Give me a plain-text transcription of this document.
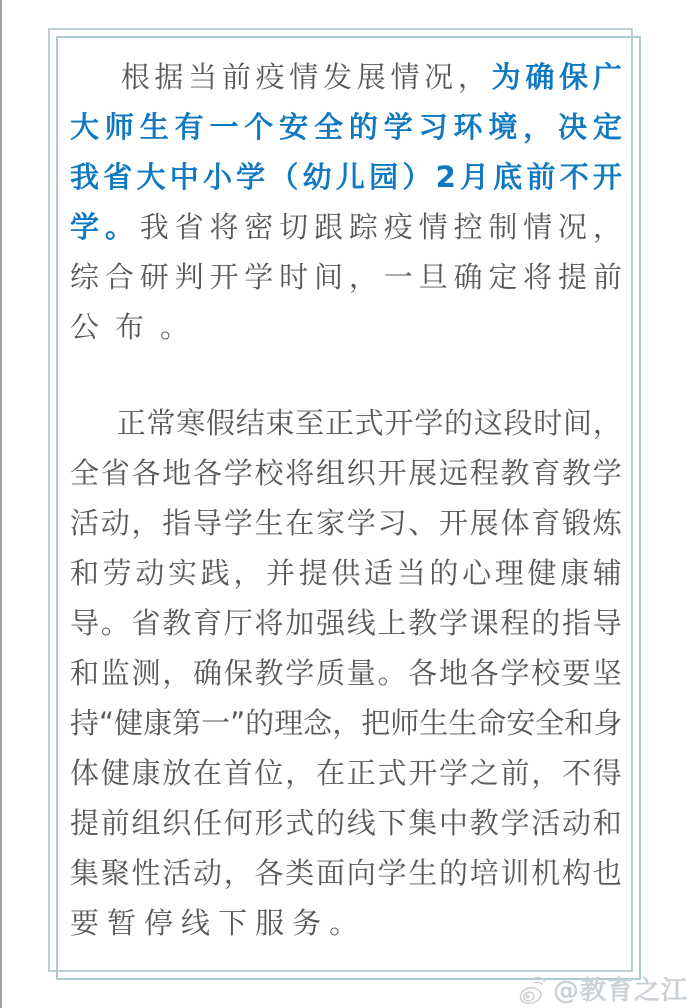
根 据 当 前 疫 情 发 展 情 况 ， 为 确 保 广
大 师 生 有 一 个 安 全 的 学 习 环 境 ， 决 定
我 省 大 中 小 学 （ 幼 儿 园 ） 2 月 底 前 不 开
学 。 我 省 将 密 切 跟 踪 疫 情 控 制 情 况 ，
综 合 研 判 开 学 时 间 ， 一 旦 确 定 将 提 前
公布。
正 常 寒 假 结 束 至 正 式 开 学 的 这 段 时 间 ，
全 省 各 地 各 学 校 将 组 织 开 展 远 程 教 育 教 学
活 动 ， 指 导 学 生 在 家 学 习 、 开 展 体 育 锻 炼
和 劳 动 实 践 ， 并 提 供 适 当 的 心 理 健 康 辅
导 。 省 教 育 厅 将 加 强 线 上 教 学 课 程 的 指 导
和 监 测 ， 确 保 教 学 质 量 。 各 地 各 学 校 要 坚
持 “ 健 康 第 一 ” 的 理 念 ， 把 师 生 生 命 安 全 和 身
体 健 康 放 在 首 位 ， 在 正 式 开 学 之 前 ， 不 得
提 前 组 织 任 何 形 式 的 线 下 集 中 教 学 活 动 和
集 聚 性 活 动 ， 各 类 面 向 学 生 的 培 训 机 构 也
要暂停线下服务。
@教育之江
